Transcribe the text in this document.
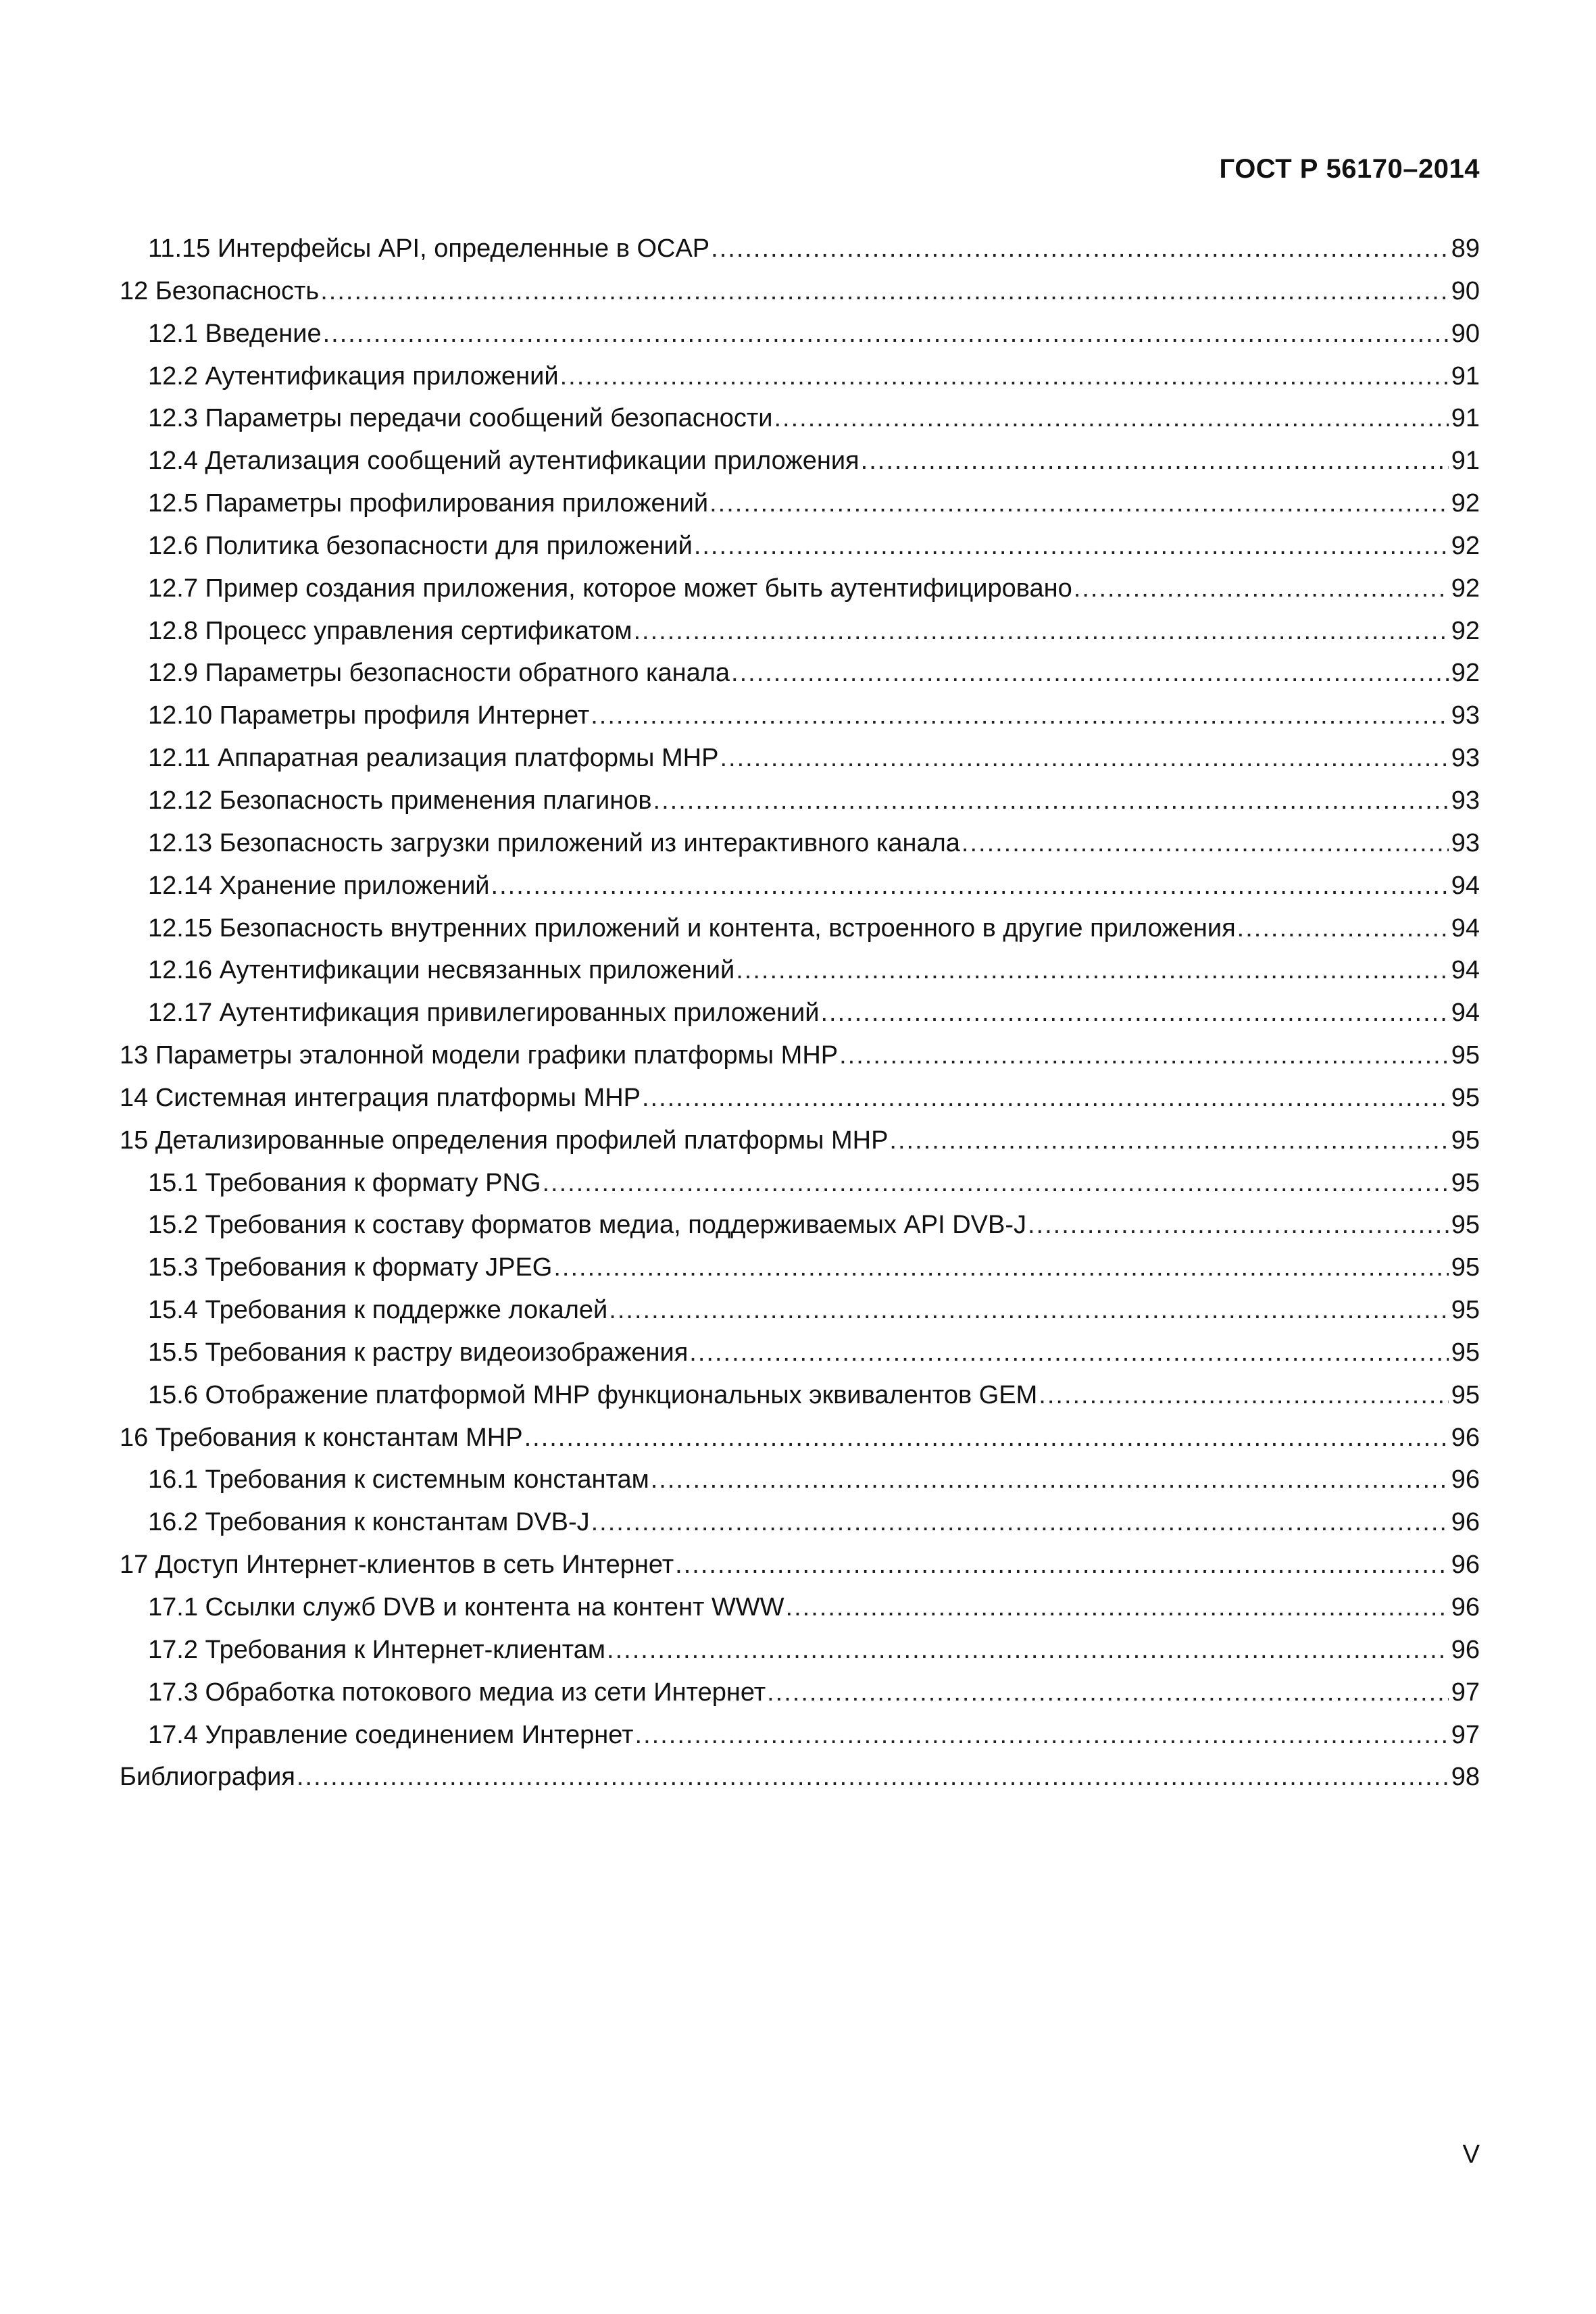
ГОСТ Р 56170–2014
11.15 Интерфейсы API, определенные в OCAP .....	89
12 Безопасность .....	90
12.1 Введение .....	90
12.2 Аутентификация приложений .....	91
12.3 Параметры передачи сообщений безопасности .....	91
12.4 Детализация сообщений аутентификации приложения .....	91
12.5 Параметры профилирования приложений .....	92
12.6 Политика безопасности для приложений .....	92
12.7 Пример создания приложения, которое может быть аутентифицировано .....	92
12.8 Процесс управления сертификатом .....	92
12.9 Параметры безопасности обратного канала .....	92
12.10 Параметры профиля Интернет .....	93
12.11 Аппаратная реализация платформы МНР .....	93
12.12 Безопасность применения плагинов .....	93
12.13 Безопасность загрузки приложений из интерактивного канала .....	93
12.14 Хранение приложений .....	94
12.15 Безопасность внутренних приложений и контента, встроенного в другие приложения .....	94
12.16 Аутентификации несвязанных приложений .....	94
12.17 Аутентификация привилегированных приложений .....	94
13 Параметры эталонной модели графики платформы МНР .....	95
14 Системная интеграция платформы МНР .....	95
15 Детализированные определения профилей платформы МНР .....	95
15.1 Требования к формату PNG .....	95
15.2 Требования к составу форматов медиа, поддерживаемых API DVB-J .....	95
15.3 Требования к формату JPEG .....	95
15.4 Требования к поддержке локалей .....	95
15.5 Требования к растру видеоизображения .....	95
15.6 Отображение платформой МНР функциональных эквивалентов GEM .....	95
16 Требования к константам МНР .....	96
16.1 Требования к системным константам .....	96
16.2 Требования к константам DVB-J .....	96
17 Доступ Интернет-клиентов в сеть Интернет .....	96
17.1 Ссылки служб DVB и контента на контент WWW .....	96
17.2 Требования к Интернет-клиентам .....	96
17.3 Обработка потокового медиа из сети Интернет .....	97
17.4 Управление соединением Интернет .....	97
Библиография .....	98
V
